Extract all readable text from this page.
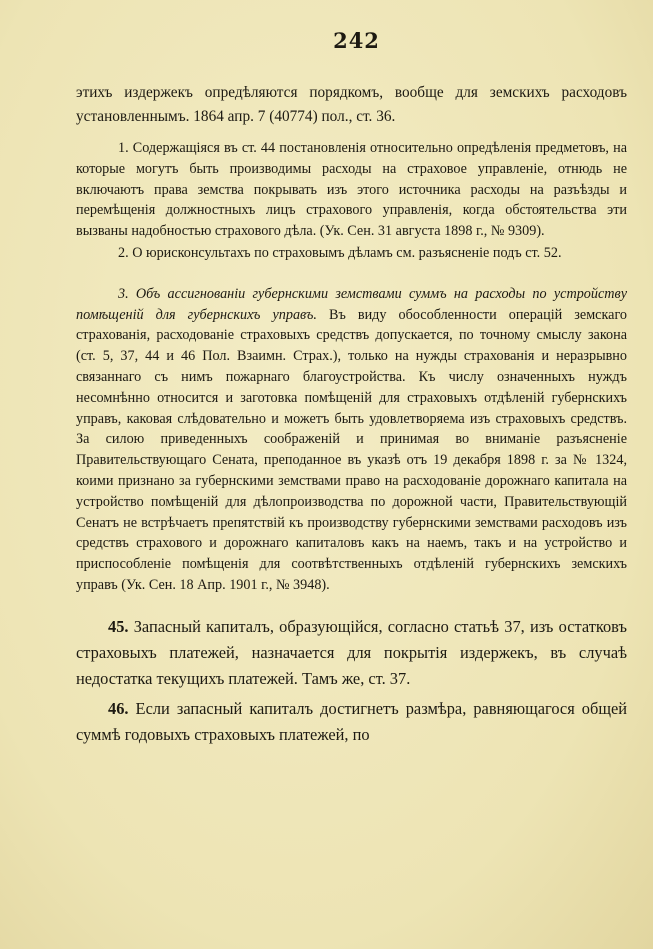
242

этихъ издержекъ опредѣляются порядкомъ, вообще для земскихъ расходовъ установленнымъ. 1864 апр. 7 (40774) пол., ст. 36.

1. Содержащіяся въ ст. 44 постановленія относительно опредѣленія предметовъ, на которые могутъ быть производимы расходы на страховое управленіе, отнюдь не включаютъ права земства покрывать изъ этого источника расходы на разъѣзды и перемѣщенія должностныхъ лицъ страхового управленія, когда обстоятельства эти вызваны надобностью страхового дѣла. (Ук. Сен. 31 августа 1898 г., № 9309).

2. О юрисконсультахъ по страховымъ дѣламъ см. разъясненіе подъ ст. 52.

3. Объ ассигнованіи губернскими земствами суммъ на расходы по устройству помѣщеній для губернскихъ управъ. Въ виду обособленности операцій земскаго страхованія, расходованіе страховыхъ средствъ допускается, по точному смыслу закона (ст. 5, 37, 44 и 46 Пол. Взаимн. Страх.), только на нужды страхованія и неразрывно связаннаго съ нимъ пожарнаго благоустройства. Къ числу означенныхъ нуждъ несомнѣнно относится и заготовка помѣщеній для страховыхъ отдѣленій губернскихъ управъ, каковая слѣдовательно и можетъ быть удовлетворяема изъ страховыхъ средствъ. За силою приведенныхъ соображеній и принимая во вниманіе разъясненіе Правительствующаго Сената, преподанное въ указѣ отъ 19 декабря 1898 г. за № 1324, коими признано за губернскими земствами право на расходованіе дорожнаго капитала на устройство помѣщеній для дѣлопроизводства по дорожной части, Правительствующій Сенатъ не встрѣчаетъ препятствій къ производству губернскими земствами расходовъ изъ средствъ страхового и дорожнаго капиталовъ какъ на наемъ, такъ и на устройство и приспособленіе помѣщенія для соотвѣтственныхъ отдѣленій губернскихъ земскихъ управъ (Ук. Сен. 18 Апр. 1901 г., № 3948).

45. Запасный капиталъ, образующійся, согласно статьѣ 37, изъ остатковъ страховыхъ платежей, назначается для покрытія издержекъ, въ случаѣ недостатка текущихъ платежей. Тамъ же, ст. 37.

46. Если запасный капиталъ достигнетъ размѣра, равняющагося общей суммѣ годовыхъ страховыхъ платежей, по
